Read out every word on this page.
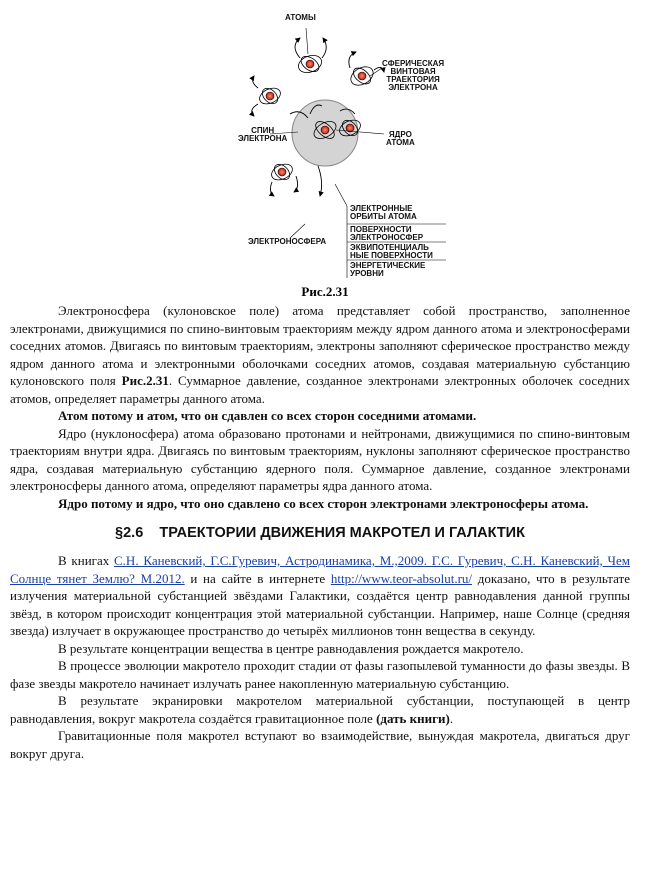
АТОМЫ
СФЕРИЧЕСКАЯ
ВИНТОВАЯ
ТРАЕКТОРИЯ
ЭЛЕКТРОНА
СПИН
ЭЛЕКТРОНА	ЯДРО
АТОМА
ЭЛЕКТРОНОСФЕРА
ЭЛЕКТРОННЫЕ
ОРБИТЫ АТОМА
ПОВЕРХНОСТИ
ЭЛЕКТРОНОСФЕР
ЭКВИПОТЕНЦИАЛЬ
НЫЕ ПОВЕРХНОСТИ
ЭНЕРГЕТИЧЕСКИЕ
УРОВНИ
Рис.2.31

Электроносфера (кулоновское поле) атома представляет собой пространство, заполненное электронами, движущимися по спино-винтовым траекториям между ядром данного атома и электроносферами соседних атомов. Двигаясь по винтовым траекториям, электроны заполняют сферическое пространство между ядром данного атома и электронными оболочками соседних атомов, создавая материальную субстанцию кулоновского поля Рис.2.31. Суммарное давление, созданное электронами электронных оболочек соседних атомов, определяет параметры данного атома.

Атом потому и атом, что он сдавлен со всех сторон соседними атомами.

Ядро (нуклоносфера) атома образовано протонами и нейтронами, движущимися по спино-винтовым траекториям внутри ядра. Двигаясь по винтовым траекториям, нуклоны заполняют сферическое пространство ядра, создавая материальную субстанцию ядерного поля. Суммарное давление, созданное электронами электроносферы данного атома, определяют параметры ядра данного атома.

Ядро потому и ядро, что оно сдавлено со всех сторон электронами электроносферы атома.

§2.6 ТРАЕКТОРИИ ДВИЖЕНИЯ МАКРОТЕЛ И ГАЛАКТИК

В книгах С.Н. Каневский, Г.С.Гуревич, Астродинамика, М.,2009. Г.С. Гуревич, С.Н. Каневский, Чем Солнце тянет Землю? М.2012. и на сайте в интернете http://www.teor-absolut.ru/ доказано, что в результате излучения материальной субстанцией звёздами Галактики, создаётся центр равнодавления данной группы звёзд, в котором происходит концентрация этой материальной субстанции. Например, наше Солнце (средняя звезда) излучает в окружающее пространство до четырёх миллионов тонн вещества в секунду.

В результате концентрации вещества в центре равнодавления рождается макротело.

В процессе эволюции макротело проходит стадии от фазы газопылевой туманности до фазы звезды. В фазе звезды макротело начинает излучать ранее накопленную материальную субстанцию.

В результате экранировки макротелом материальной субстанции, поступающей в центр равнодавления, вокруг макротела создаётся гравитационное поле (дать книги).

Гравитационные поля макротел вступают во взаимодействие, вынуждая макротела, двигаться друг вокруг друга.
